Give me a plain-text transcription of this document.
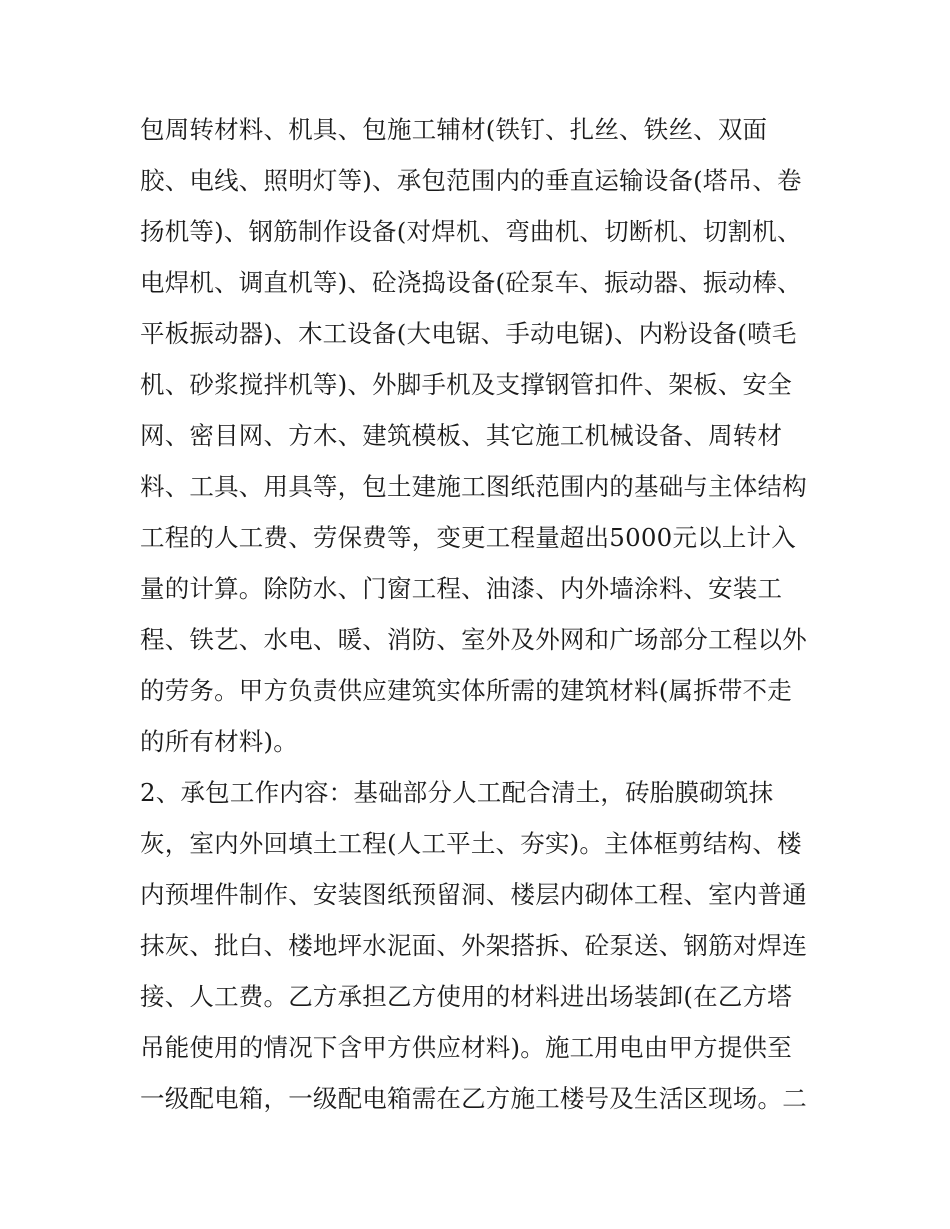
包周转材料、机具、包施工辅材(铁钉、扎丝、铁丝、双面
胶、电线、照明灯等)、承包范围内的垂直运输设备(塔吊、卷
扬机等)、钢筋制作设备(对焊机、弯曲机、切断机、切割机、
电焊机、调直机等)、砼浇捣设备(砼泵车、振动器、振动棒、
平板振动器)、木工设备(大电锯、手动电锯)、内粉设备(喷毛
机、砂浆搅拌机等)、外脚手机及支撑钢管扣件、架板、安全
网、密目网、方木、建筑模板、其它施工机械设备、周转材
料、工具、用具等，包土建施工图纸范围内的基础与主体结构
工程的人工费、劳保费等，变更工程量超出5000元以上计入
量的计算。除防水、门窗工程、油漆、内外墙涂料、安装工
程、铁艺、水电、暖、消防、室外及外网和广场部分工程以外
的劳务。甲方负责供应建筑实体所需的建筑材料(属拆带不走
的所有材料)。
2、承包工作内容：基础部分人工配合清土，砖胎膜砌筑抹
灰，室内外回填土工程(人工平土、夯实)。主体框剪结构、楼
内预埋件制作、安装图纸预留洞、楼层内砌体工程、室内普通
抹灰、批白、楼地坪水泥面、外架搭拆、砼泵送、钢筋对焊连
接、人工费。乙方承担乙方使用的材料进出场装卸(在乙方塔
吊能使用的情况下含甲方供应材料)。施工用电由甲方提供至
一级配电箱，一级配电箱需在乙方施工楼号及生活区现场。二
